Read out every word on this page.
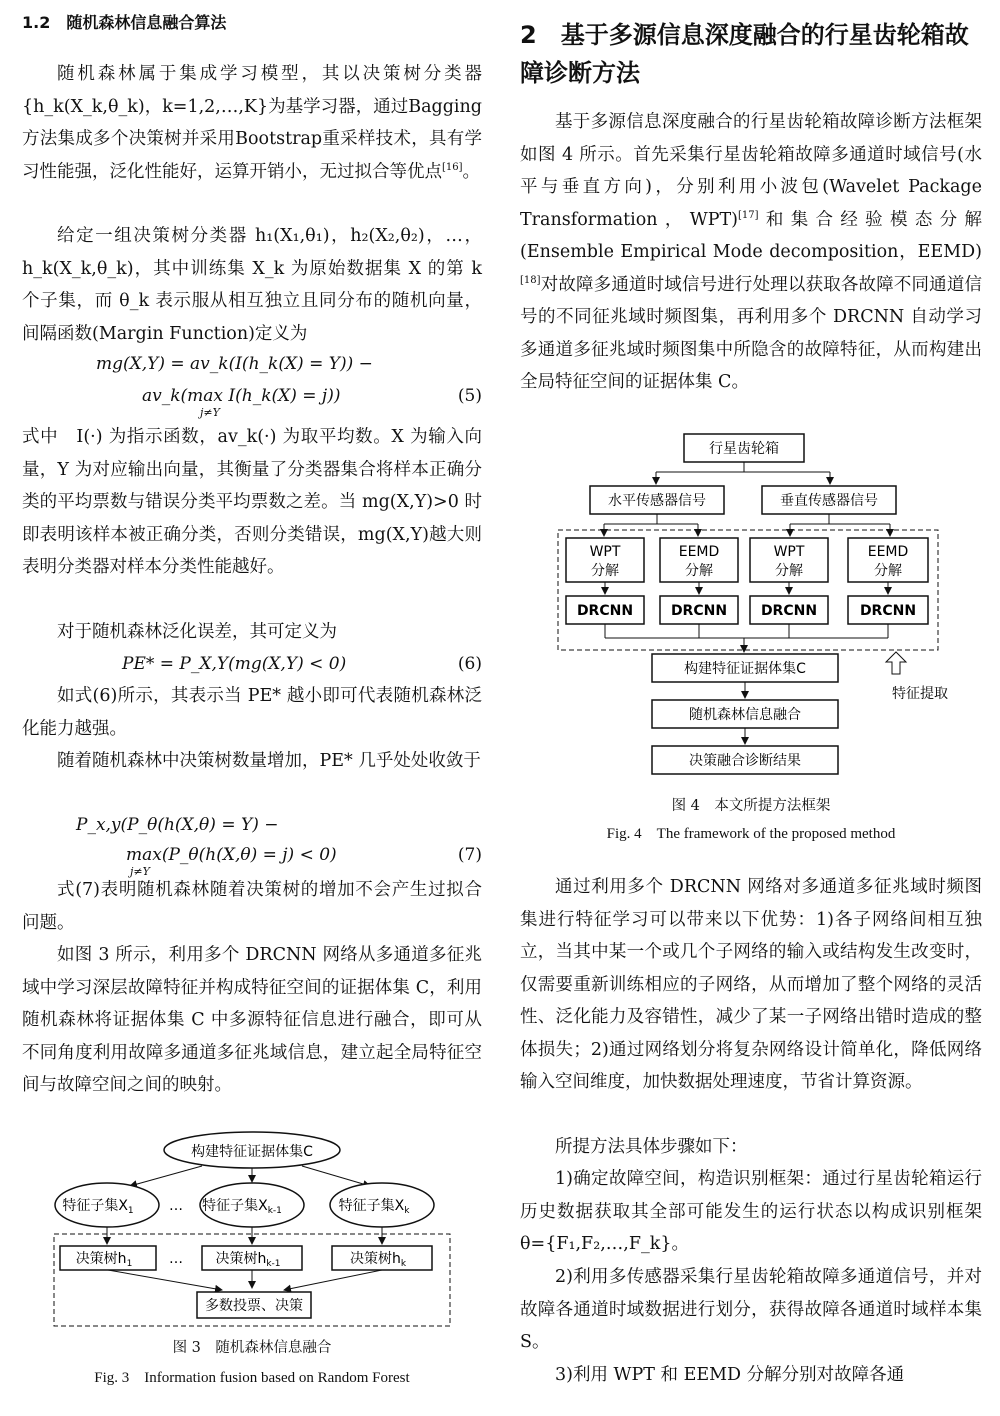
1.2　随机森林信息融合算法

随机森林属于集成学习模型，其以决策树分类器{h_k(X_k,θ_k)，k=1,2,…,K}为基学习器，通过Bagging方法集成多个决策树并采用Bootstrap重采样技术，具有学习性能强，泛化性能好，运算开销小，无过拟合等优点[16]。

给定一组决策树分类器 h₁(X₁,θ₁)，h₂(X₂,θ₂)，…，h_k(X_k,θ_k)，其中训练集 X_k 为原始数据集 X 的第 k 个子集，而 θ_k 表示服从相互独立且同分布的随机向量，间隔函数(Margin Function)定义为

mg(X,Y) = av_k(I(h_k(X) = Y)) −
av_k(max I(h_k(X) = j))
j≠Y
(5)

式中　I(·) 为指示函数，av_k(·) 为取平均数。X 为输入向量，Y 为对应输出向量，其衡量了分类器集合将样本正确分类的平均票数与错误分类平均票数之差。当 mg(X,Y)>0 时即表明该样本被正确分类，否则分类错误，mg(X,Y)越大则表明分类器对样本分类性能越好。

对于随机森林泛化误差，其可定义为

PE* = P_X,Y(mg(X,Y) < 0)	(6)

如式(6)所示，其表示当 PE* 越小即可代表随机森林泛化能力越强。

随着随机森林中决策树数量增加，PE* 几乎处处收敛于

P_x,y(P_θ(h(X,θ) = Y) −
max(P_θ(h(X,θ) = j) < 0)
j≠Y
(7)

式(7)表明随机森林随着决策树的增加不会产生过拟合问题。

如图 3 所示，利用多个 DRCNN 网络从多通道多征兆域中学习深层故障特征并构成特征空间的证据体集 C，利用随机森林将证据体集 C 中多源特征信息进行融合，即可从不同角度利用故障多通道多征兆域信息，建立起全局特征空间与故障空间之间的映射。

构建特征证据体集C
特征子集$X_1$	… 特征子集$X_{k-1}$	特征子集$X_k$
决策树$h_1$	… 决策树$h_{k-1}$	决策树$h_k$
多数投票、决策
图 3　随机森林信息融合
Fig. 3　Information fusion based on Random Forest
2　基于多源信息深度融合的行星齿轮箱故障诊断方法

基于多源信息深度融合的行星齿轮箱故障诊断方法框架如图 4 所示。首先采集行星齿轮箱故障多通道时域信号(水平与垂直方向)，分别利用小波包(Wavelet Package Transformation，WPT)[17]和集合经验模态分解(Ensemble Empirical Mode decomposition，EEMD)[18]对故障多通道时域信号进行处理以获取各故障不同通道信号的不同征兆域时频图集，再利用多个 DRCNN 自动学习多通道多征兆域时频图集中所隐含的故障特征，从而构建出全局特征空间的证据体集 C。

行星齿轮箱
水平传感器信号	垂直传感器信号
WPT
分解
EEMD
分解
WPT
分解
EEMD
分解
DRCNN	DRCNN DRCNN	DRCNN
构建特征证据体集C
特征提取
随机森林信息融合
决策融合诊断结果
图 4　本文所提方法框架
Fig. 4　The framework of the proposed method

通过利用多个 DRCNN 网络对多通道多征兆域时频图集进行特征学习可以带来以下优势：1)各子网络间相互独立，当其中某一个或几个子网络的输入或结构发生改变时，仅需要重新训练相应的子网络，从而增加了整个网络的灵活性、泛化能力及容错性，减少了某一子网络出错时造成的整体损失；2)通过网络划分将复杂网络设计简单化，降低网络输入空间维度，加快数据处理速度，节省计算资源。

所提方法具体步骤如下：

1)确定故障空间，构造识别框架：通过行星齿轮箱运行历史数据获取其全部可能发生的运行状态以构成识别框架 θ={F₁,F₂,…,F_k}。

2)利用多传感器采集行星齿轮箱故障多通道信号，并对故障各通道时域数据进行划分，获得故障各通道时域样本集 S。

3)利用 WPT 和 EEMD 分解分别对故障各通
